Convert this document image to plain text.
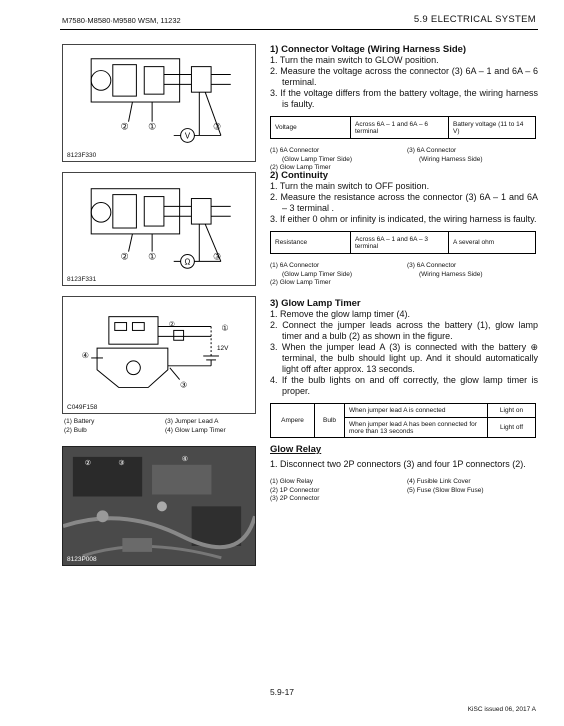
M7580·M8580·M9580 WSM, 11232	5.9 ELECTRICAL SYSTEM
V
② ①	③
8123F330
Ω
② ①	③
8123F331
②	①
12V
④
③
C049F158
(1) Battery	(3) Jumper Lead A
(2) Bulb	(4) Glow Lamp Timer
②	③
④
8123P008
1) Connector Voltage (Wiring Harness Side)
1. Turn the main switch to GLOW position.
2. Measure the voltage across the connector (3) 6A – 1 and 6A – 6 terminal.
3. If the voltage differs from the battery voltage, the wiring harness is faulty.
Voltage	Across 6A – 1 and 6A – 6 terminal	Battery voltage (11 to 14 V)
(1) 6A Connector	(3) 6A Connector
(Glow Lamp Timer Side)	(Wiring Harness Side)
(2) Glow Lamp Timer
2) Continuity
1. Turn the main switch to OFF position.
2. Measure the resistance across the connector (3) 6A – 1 and 6A – 3 terminal .
3. If either 0 ohm or infinity is indicated, the wiring harness is faulty.
Resistance	Across 6A – 1 and 6A – 3 terminal	A several ohm
(1) 6A Connector	(3) 6A Connector
(Glow Lamp Timer Side)	(Wiring Harness Side)
(2) Glow Lamp Timer
3) Glow Lamp Timer
1. Remove the glow lamp timer (4).
2. Connect the jumper leads across the battery (1), glow lamp timer and a bulb (2) as shown in the figure.
3. When the jumper lead A (3) is connected with the battery ⊕ terminal, the bulb should light up. And it should automatically light off after approx. 13 seconds.
4. If the bulb lights on and off correctly, the glow lamp timer is proper.
Ampere	Bulb	When jumper lead A is connected	Light on
		When jumper lead A has been connected for more than 13 seconds	Light off
Glow Relay
1. Disconnect two 2P connectors (3) and four 1P connectors (2).
(1) Glow Relay	(4) Fusible Link Cover
(2) 1P Connector	(5) Fuse (Slow Blow Fuse)
(3) 2P Connector
5.9-17
KiSC issued 06, 2017 A
